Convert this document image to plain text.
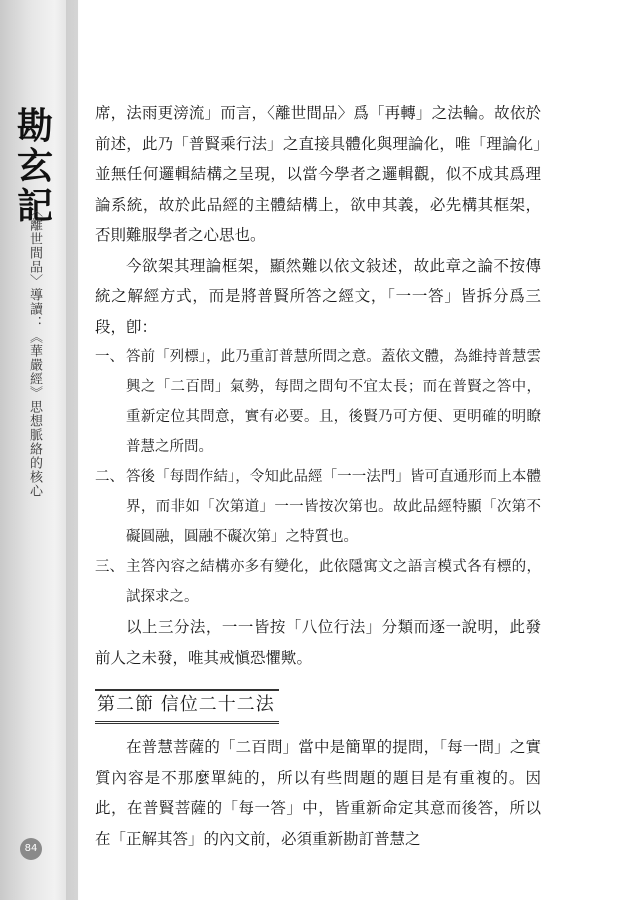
勘
玄
記
〈離世間品〉導讀：《華嚴經》思想脈絡的核心
84

席，法雨更滂流」而言，〈離世間品〉爲「再轉」之法輪。故依於前述，此乃「普賢乘行法」之直接具體化與理論化，唯「理論化」並無任何邏輯結構之呈現，以當今學者之邏輯觀，似不成其爲理論系統，故於此品經的主體結構上，欲申其義，必先構其框架，否則難服學者之心思也。

今欲架其理論框架，顯然難以依文敍述，故此章之論不按傳統之解經方式，而是將普賢所答之經文，「一一答」皆拆分爲三段，卽：

一、 答前「列標」，此乃重訂普慧所問之意。蓋依文體，為維持普慧雲興之「二百問」氣勢，每問之問句不宜太長；而在普賢之答中，重新定位其問意，實有必要。且，後賢乃可方便、更明確的明瞭普慧之所問。
二、 答後「每問作結」，令知此品經「一一法門」皆可直通形而上本體界，而非如「次第道」一一皆按次第也。故此品經特顯「次第不礙圓融，圓融不礙次第」之特質也。
三、 主答內容之結構亦多有變化，此依隱寓文之語言模式各有標的，試探求之。

以上三分法，一一皆按「八位行法」分類而逐一說明，此發前人之未發，唯其戒愼恐懼歟。

第二節 信位二十二法

在普慧菩薩的「二百問」當中是簡單的提問，「每一問」之實質內容是不那麼單純的，所以有些問題的題目是有重複的。因此，在普賢菩薩的「每一答」中，皆重新命定其意而後答，所以在「正解其答」的內文前，必須重新勘訂普慧之
